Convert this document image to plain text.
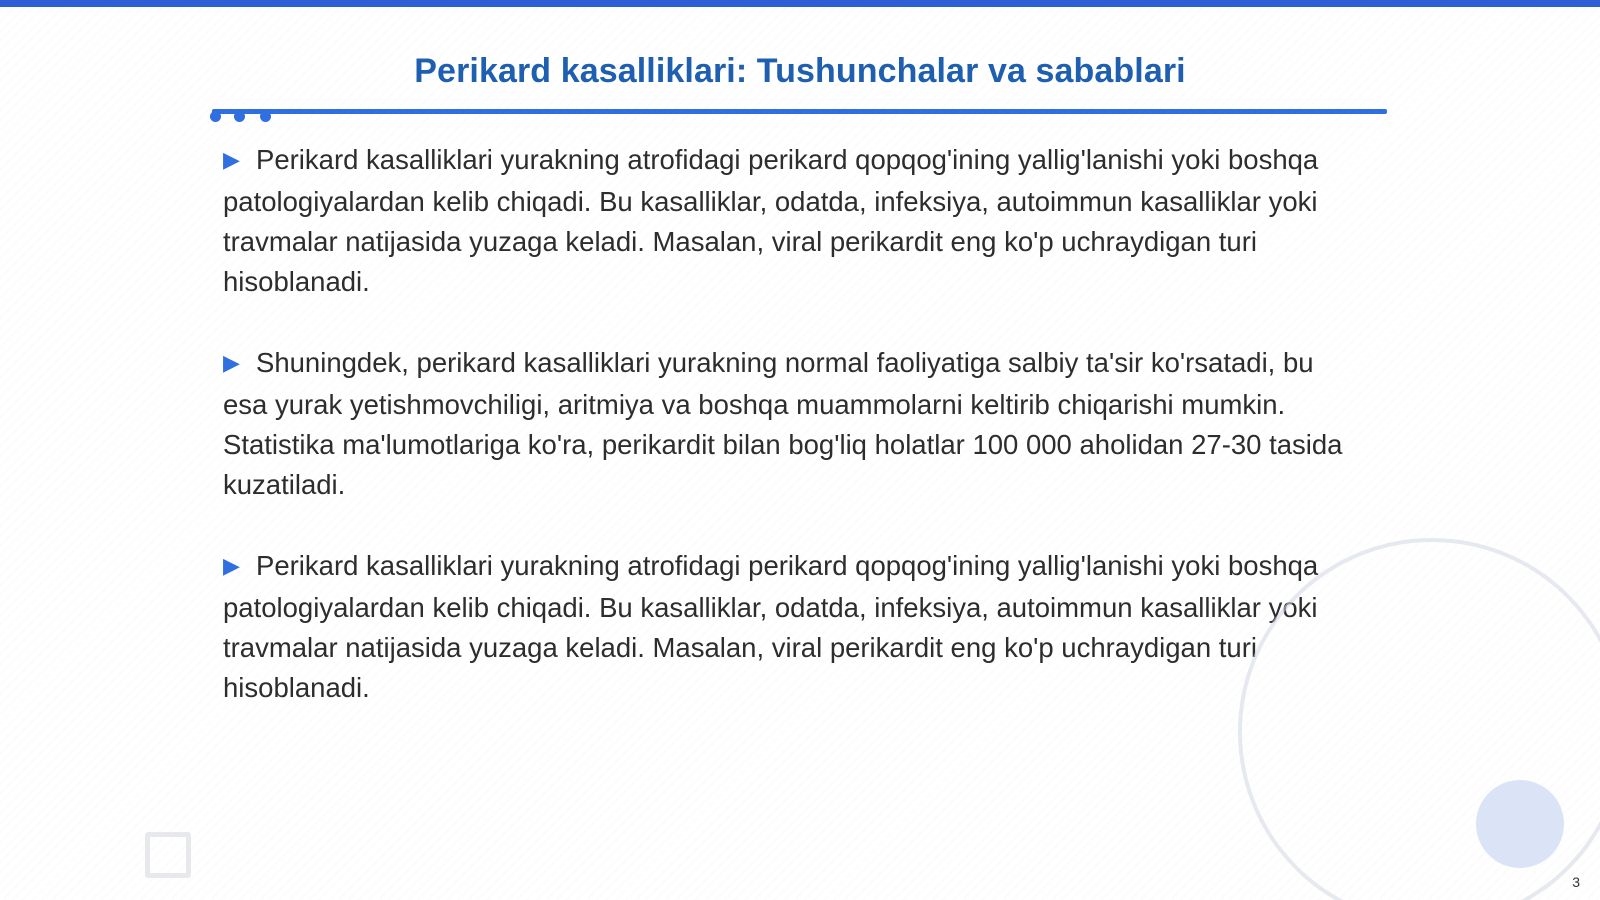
Perikard kasalliklari: Tushunchalar va sabablari

▶ Perikard kasalliklari yurakning atrofidagi perikard qopqog'ining yallig'lanishi yoki boshqa patologiyalardan kelib chiqadi. Bu kasalliklar, odatda, infeksiya, autoimmun kasalliklar yoki travmalar natijasida yuzaga keladi. Masalan, viral perikardit eng ko'p uchraydigan turi hisoblanadi.

▶ Shuningdek, perikard kasalliklari yurakning normal faoliyatiga salbiy ta'sir ko'rsatadi, bu esa yurak yetishmovchiligi, aritmiya va boshqa muammolarni keltirib chiqarishi mumkin. Statistika ma'lumotlariga ko'ra, perikardit bilan bog'liq holatlar 100 000 aholidan 27-30 tasida kuzatiladi.

▶ Perikard kasalliklari yurakning atrofidagi perikard qopqog'ining yallig'lanishi yoki boshqa patologiyalardan kelib chiqadi. Bu kasalliklar, odatda, infeksiya, autoimmun kasalliklar yoki travmalar natijasida yuzaga keladi. Masalan, viral perikardit eng ko'p uchraydigan turi hisoblanadi.

3
